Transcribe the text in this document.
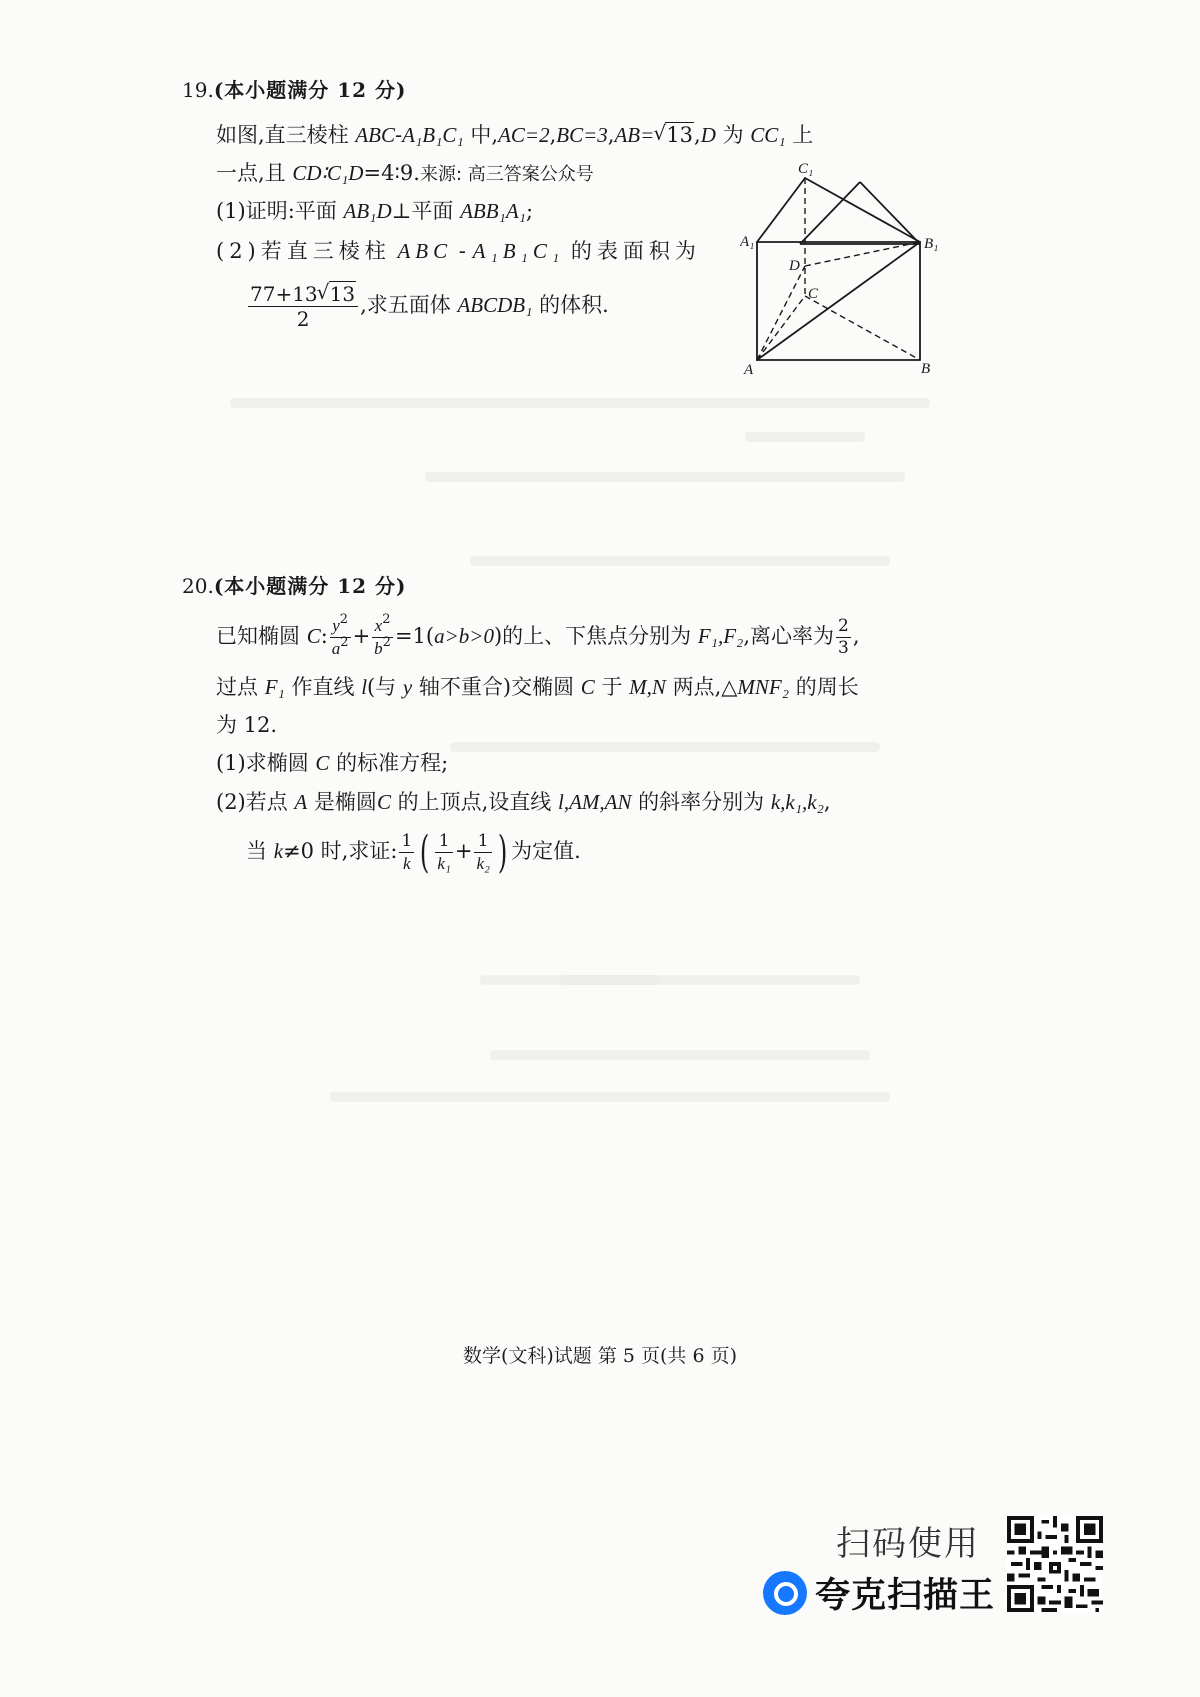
19.(本小题满分 12 分)
如图,直三棱柱 ABC-A₁B₁C₁ 中,AC=2,BC=3,AB= √ 13,D 为 CC₁ 上
一点,且 CD∶C₁D=4∶9.来源: 高三答案公众号
(1)证明:平面 AB₁D⊥平面 ABB₁A₁;
(2)若直三棱柱 ABC - A₁B₁C₁ 的表面积为
$\frac{77+13 √ 13}{2}$ ,求五面体 ABCDB₁ 的体积.
C₁
A₁	B₁
D
C
A	B
20.(本小题满分 12 分)
已知椭圆 C: $\frac{y^2}{a^2} + \frac{x^2}{b^2} =1(a>b>0)$的上、下焦点分别为 F₁,F₂,离心率为 $\frac{2}{3}$ ,
过点 F₁ 作直线 l(与 y 轴不重合)交椭圆 C 于 M,N 两点,△MNF₂ 的周长
为 12.
(1)求椭圆 C 的标准方程;
(2)若点 A 是椭圆C 的上顶点,设直线 l,AM,AN 的斜率分别为 k,k₁,k₂,
当 k≠0 时,求证: $\frac{1}{k}$ ( $\frac{1}{\text{k₁}} + \frac{1}{\text{k₂}}$ ) 为定值.
数学(文科)试题 第 5 页(共 6 页)
扫码使用
夸克扫描王
